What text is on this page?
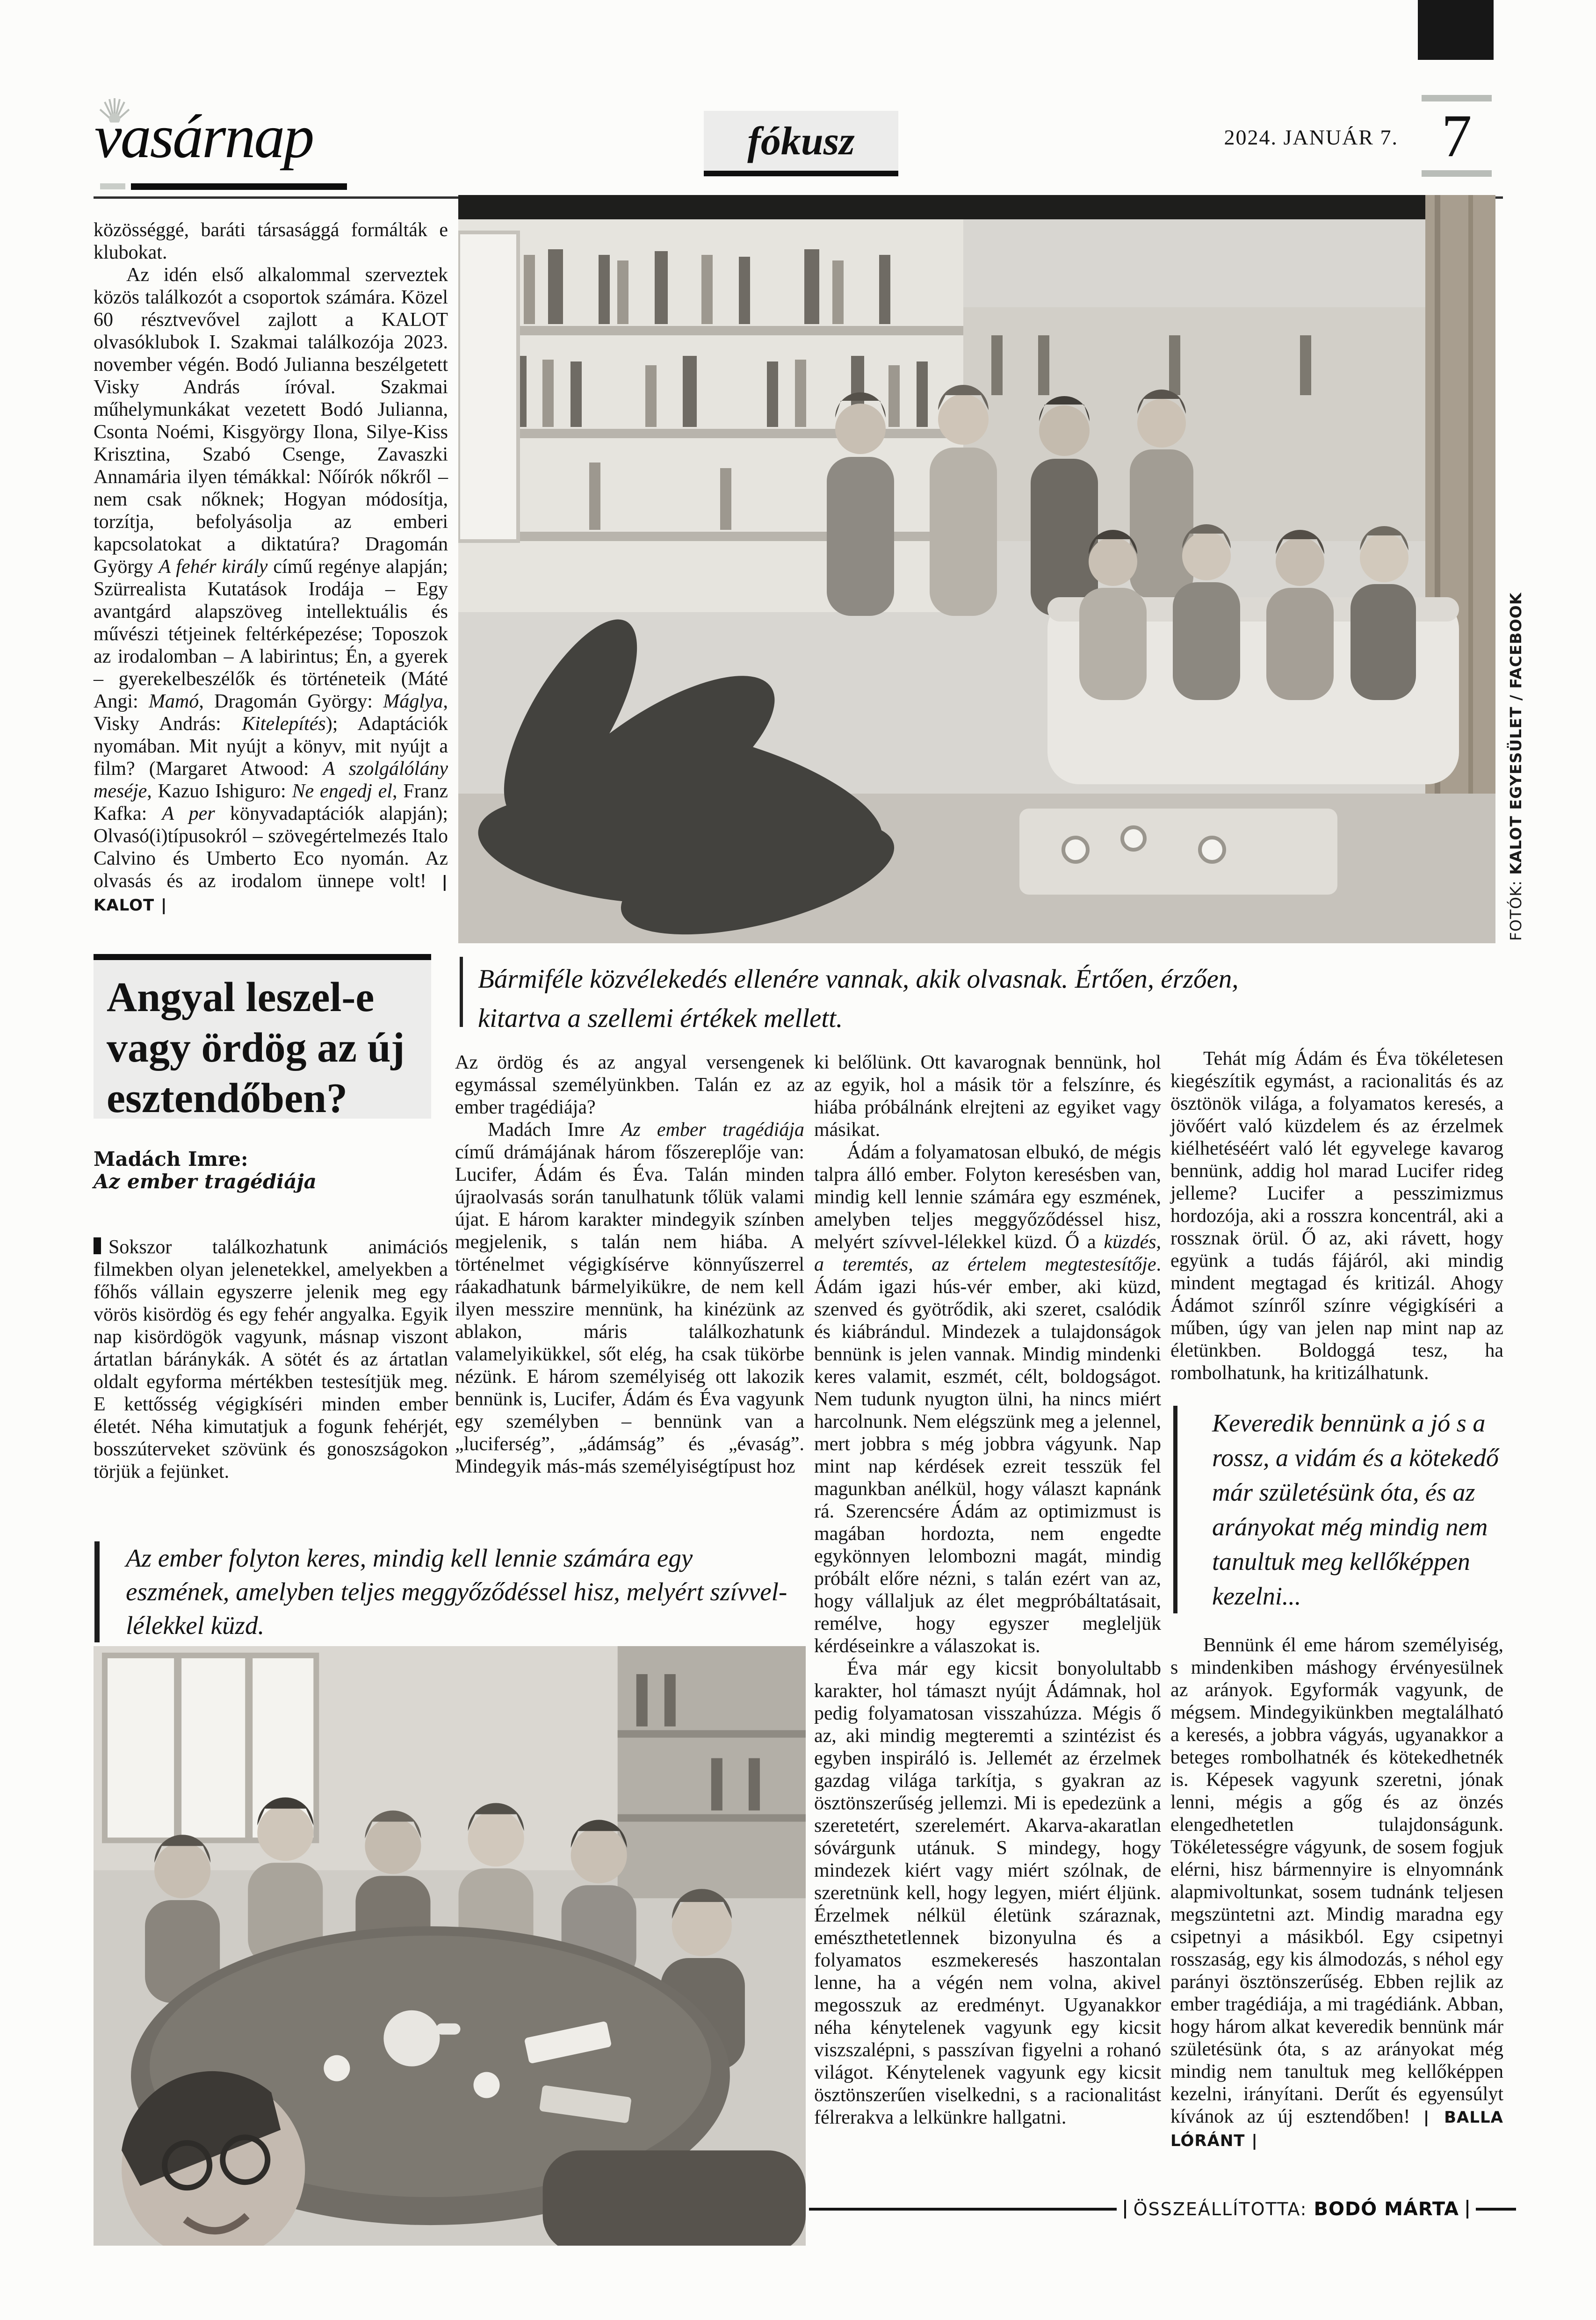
vasárnap	fókusz	2024. JANUÁR 7. 7
FOTÓK: KALOT EGYESÜLET / FACEBOOK

közösséggé, baráti társasággá formálták e klubokat.

Az idén első alkalommal szerveztek közös találkozót a csoportok számára. Közel 60 résztvevővel zajlott a KALOT olvasóklubok I. Szakmai találkozója 2023. november végén. Bodó Julianna beszélgetett Visky András íróval. Szakmai műhelymunkákat vezetett Bodó Julianna, Csonta Noémi, Kisgyörgy Ilona, Silye-Kiss Krisztina, Szabó Csenge, Zavaszki Annamária ilyen témákkal: Nőírók nőkről – nem csak nőknek; Hogyan módosítja, torzítja, befolyásolja az emberi kapcsolatokat a diktatúra? Dragomán György A fehér király című regénye alapján; Szürrealista Kutatások Irodája – Egy avantgárd alapszöveg intellektuális és művészi tétjeinek feltérképezése; Toposzok az irodalomban – A labirintus; Én, a gyerek – gyerekelbeszélők és történeteik (Máté Angi: Mamó, Dragomán György: Máglya, Visky András: Kitelepítés); Adaptációk nyomában. Mit nyújt a könyv, mit nyújt a film? (Margaret Atwood: A szolgálólány meséje, Kazuo Ishiguro: Ne engedj el, Franz Kafka: A per könyvadaptációk alapján); Olvasó(i)típusokról – szövegértelmezés Italo Calvino és Umberto Eco nyomán. Az olvasás és az irodalom ünnepe volt! | KALOT |

Angyal leszel-e vagy ördög az új esztendőben?
Bármiféle közvélekedés ellenére vannak, akik olvasnak. Értően, érzően, kitartva a szellemi értékek mellett.

Madách Imre:

Az ember tragédiája

Sokszor találkozhatunk animációs filmekben olyan jelenetekkel, amelyekben a főhős vállain egyszerre jelenik meg egy vörös kisördög és egy fehér angyalka. Egyik nap kisördögök vagyunk, másnap viszont ártatlan báránykák. A sötét és az ártatlan oldalt egyforma mértékben testesítjük meg. E kettősség végigkíséri minden ember életét. Néha kimutatjuk a fogunk fehérjét, bosszúterveket szövünk és gonoszságokon törjük a fejünket.

Az ember folyton keres, mindig kell lennie számára egy eszmének, amelyben teljes meggyőződéssel hisz, melyért szívvel-lélekkel küzd.

Az ördög és az angyal versengenek egymással személyünkben. Talán ez az ember tragédiája?

Madách Imre Az ember tragédiája című drámájának három főszereplője van: Lucifer, Ádám és Éva. Talán minden újraolvasás során tanulhatunk tőlük valami újat. E három karakter mindegyik színben megjelenik, s talán nem hiába. A történelmet végigkísérve könnyűszerrel ráakadhatunk bármelyikükre, de nem kell ilyen messzire mennünk, ha kinézünk az ablakon, máris találkozhatunk valamelyikükkel, sőt elég, ha csak tükörbe nézünk. E három személyiség ott lakozik bennünk is, Lucifer, Ádám és Éva vagyunk egy személyben – bennünk van a „luciferség”, „ádámság” és „évaság”. Mindegyik más-más személyiségtípust hoz

ki belőlünk. Ott kavarognak bennünk, hol az egyik, hol a másik tör a felszínre, és hiába próbálnánk elrejteni az egyiket vagy másikat.

Ádám a folyamatosan elbukó, de mégis talpra álló ember. Folyton keresésben van, mindig kell lennie számára egy eszmének, amelyben teljes meggyőződéssel hisz, melyért szívvel-lélekkel küzd. Ő a küzdés, a teremtés, az értelem megtestesítője. Ádám igazi hús-vér ember, aki küzd, szenved és gyötrődik, aki szeret, csalódik és kiábrándul. Mindezek a tulajdonságok bennünk is jelen vannak. Mindig mindenki keres valamit, eszmét, célt, boldogságot. Nem tudunk nyugton ülni, ha nincs miért harcolnunk. Nem elégszünk meg a jelennel, mert jobbra s még jobbra vágyunk. Nap mint nap kérdések ezreit tesszük fel magunkban anélkül, hogy választ kapnánk rá. Szerencsére Ádám az optimizmust is magában hordozta, nem engedte egykönnyen lelombozni magát, mindig próbált előre nézni, s talán ezért van az, hogy vállaljuk az élet megpróbáltatásait, remélve, hogy egyszer megleljük kérdéseinkre a válaszokat is.

Éva már egy kicsit bonyolultabb karakter, hol támaszt nyújt Ádámnak, hol pedig folyamatosan visszahúzza. Mégis ő az, aki mindig megteremti a szintézist és egyben inspiráló is. Jellemét az érzelmek gazdag világa tarkítja, s gyakran az ösztönszerűség jellemzi. Mi is epedezünk a szeretetért, szerelemért. Akarva-akaratlan sóvárgunk utánuk. S mindegy, hogy mindezek kiért vagy miért szólnak, de szeretnünk kell, hogy legyen, miért éljünk. Érzelmek nélkül életünk száraznak, emészthetetlennek bizonyulna és a folyamatos eszmekeresés haszontalan lenne, ha a végén nem volna, akivel megosszuk az eredményt. Ugyanakkor néha kénytelenek vagyunk egy kicsit viszszalépni, s passzívan figyelni a rohanó világot. Kénytelenek vagyunk egy kicsit ösztönszerűen viselkedni, s a racionalitást félrerakva a lelkünkre hallgatni.

Tehát míg Ádám és Éva tökéletesen kiegészítik egymást, a racionalitás és az ösztönök világa, a folyamatos keresés, a jövőért való küzdelem és az érzelmek kiélhetéséért való lét egyvelege kavarog bennünk, addig hol marad Lucifer rideg jelleme? Lucifer a pesszimizmus hordozója, aki a rosszra koncentrál, aki a rossznak örül. Ő az, aki rávett, hogy együnk a tudás fájáról, aki mindig mindent megtagad és kritizál. Ahogy Ádámot színről színre végigkíséri a műben, úgy van jelen nap mint nap az életünkben. Boldoggá tesz, ha rombolhatunk, ha kritizálhatunk.

Keveredik bennünk a jó s a rossz, a vidám és a kötekedő már születésünk óta, és az arányokat még mindig nem tanultuk meg kellőképpen kezelni...

Bennünk él eme három személyiség, s mindenkiben máshogy érvényesülnek az arányok. Egyformák vagyunk, de mégsem. Mindegyikünkben megtalálható a keresés, a jobbra vágyás, ugyanakkor a beteges rombolhatnék és kötekedhetnék is. Képesek vagyunk szeretni, jónak lenni, mégis a gőg és az önzés elengedhetetlen tulajdonságunk. Tökéletességre vágyunk, de sosem fogjuk elérni, hisz bármennyire is elnyomnánk alapmivoltunkat, sosem tudnánk teljesen megszüntetni azt. Mindig maradna egy csipetnyi a másikból. Egy csipetnyi rosszaság, egy kis álmodozás, s néhol egy parányi ösztönszerűség. Ebben rejlik az ember tragédiája, a mi tragédiánk. Abban, hogy három alkat keveredik bennünk már születésünk óta, s az arányokat még mindig nem tanultuk meg kellőképpen kezelni, irányítani. Derűt és egyensúlyt kívánok az új esztendőben! | BALLA LÓRÁNT |

ÖSSZEÁLLÍTOTTA: BODÓ MÁRTA
